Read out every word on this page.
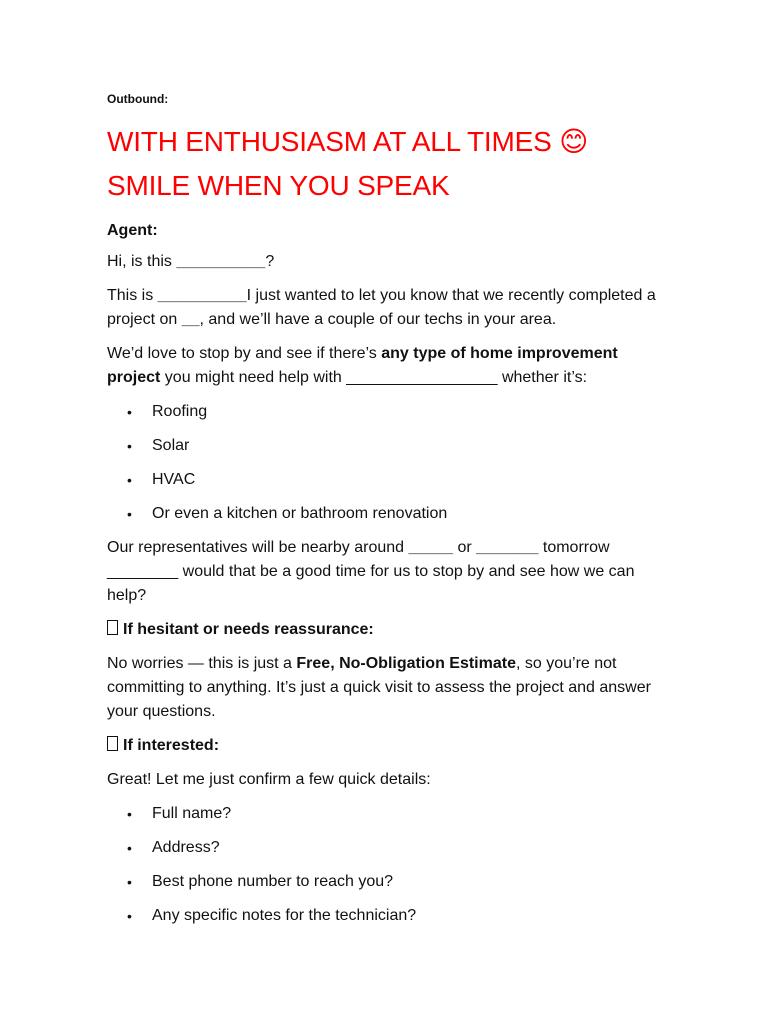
Outbound:
WITH ENTHUSIASM AT ALL TIMES 😊 SMILE WHEN YOU SPEAK
Agent:

Hi, is this __________?

This is __________I just wanted to let you know that we recently completed a project on __, and we’ll have a couple of our techs in your area.

We’d love to stop by and see if there’s any type of home improvement project you might need help with _________________ whether it’s:

• Roofing
• Solar
• HVAC
• Or even a kitchen or bathroom renovation

Our representatives will be nearby around _____ or _______ tomorrow ________ would that be a good time for us to stop by and see how we can help?

If hesitant or needs reassurance:

No worries — this is just a Free, No-Obligation Estimate, so you’re not committing to anything. It’s just a quick visit to assess the project and answer your questions.

If interested:

Great! Let me just confirm a few quick details:

• Full name?
• Address?
• Best phone number to reach you?
• Any specific notes for the technician?
